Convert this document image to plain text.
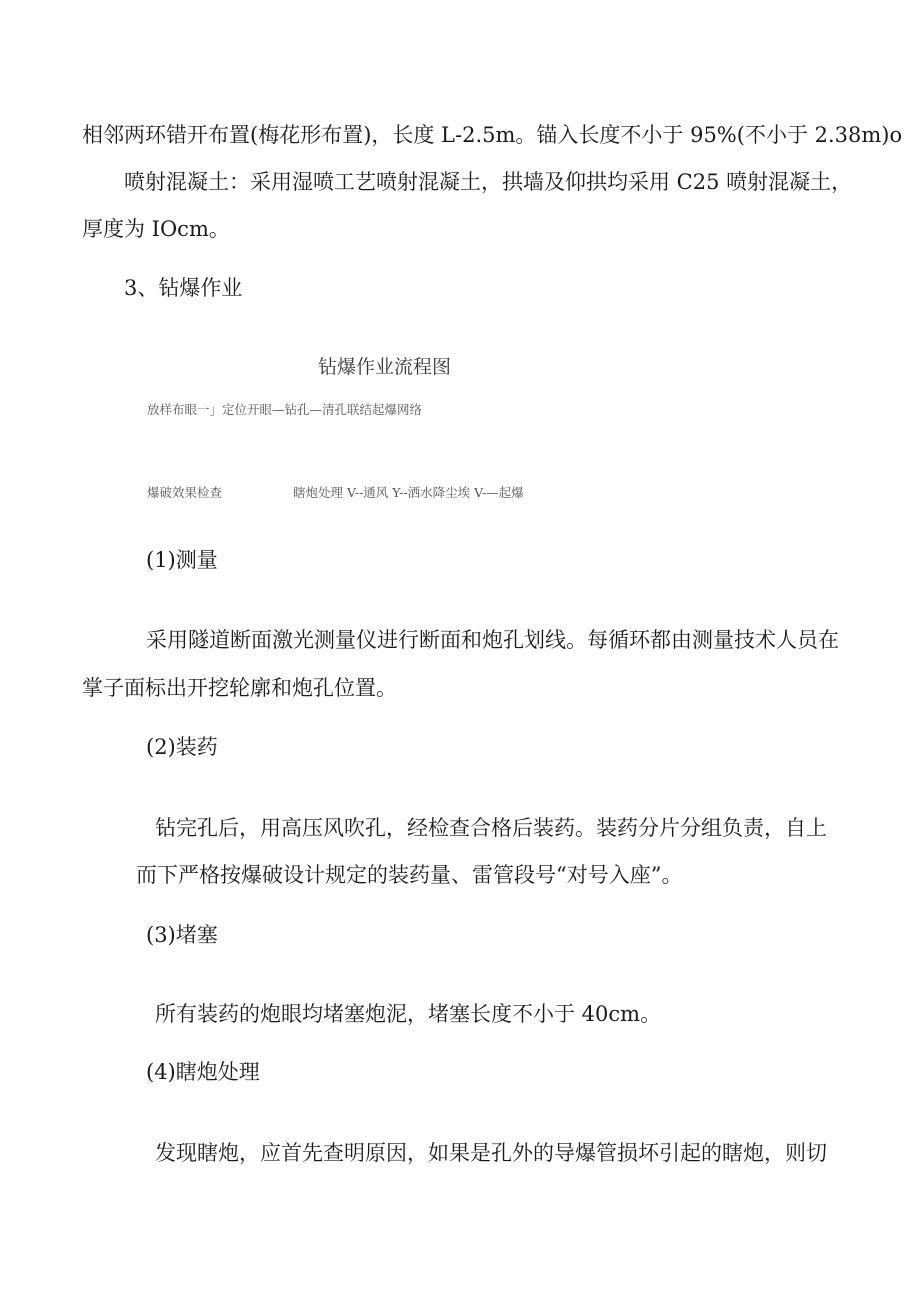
相邻两环错开布置(梅花形布置)，长度 L-2.5m。锚入长度不小于 95%(不小于 2.38m)o
喷射混凝土：采用湿喷工艺喷射混凝土，拱墙及仰拱均采用 C25 喷射混凝土，
厚度为 IOcm。
3、钻爆作业
钻爆作业流程图
放样布眼一」定位开眼—钻孔—清孔联结起爆网络
爆破效果检查	瞎炮处理 V--通风 Y--洒水降尘埃 V-—起爆
(1)测量
采用隧道断面激光测量仪进行断面和炮孔划线。每循环都由测量技术人员在
掌子面标出开挖轮廓和炮孔位置。
(2)装药
钻完孔后，用高压风吹孔，经检查合格后装药。装药分片分组负责，自上
而下严格按爆破设计规定的装药量、雷管段号“对号入座”。
(3)堵塞
所有装药的炮眼均堵塞炮泥，堵塞长度不小于 40cm。
(4)瞎炮处理
发现瞎炮，应首先查明原因，如果是孔外的导爆管损坏引起的瞎炮，则切
